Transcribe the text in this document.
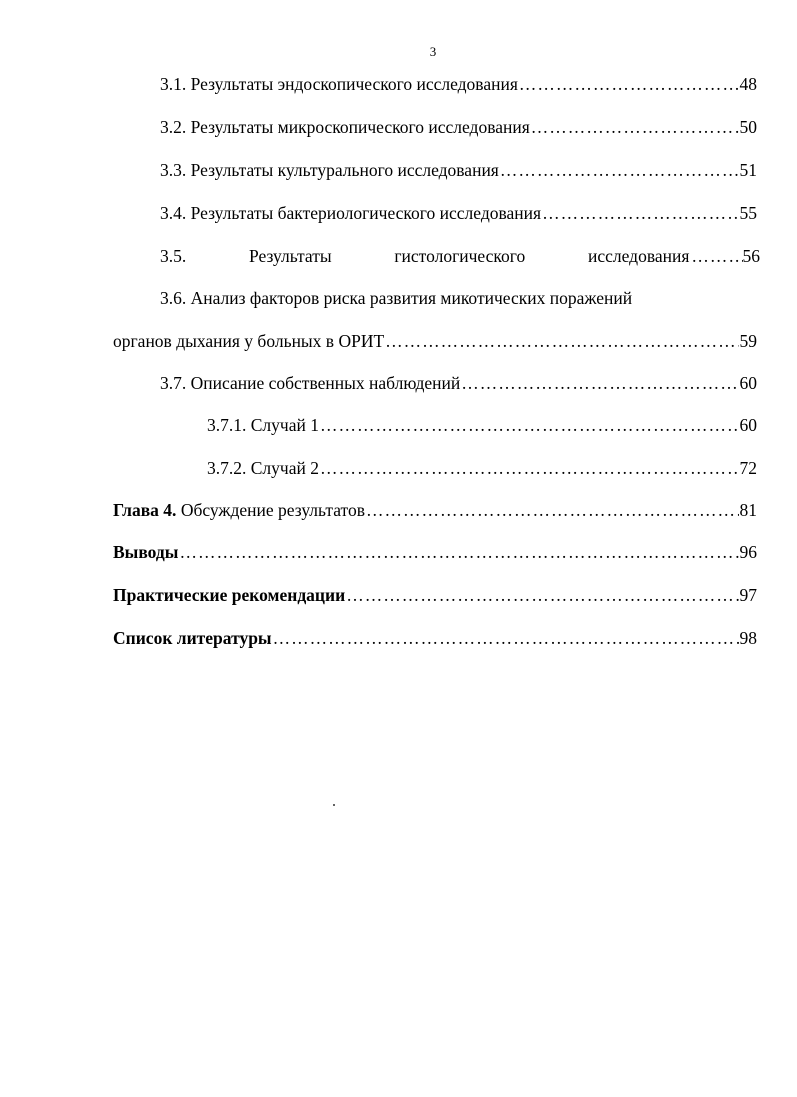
3
3.1. Результаты эндоскопического исследования …………………………………………………………………………………………………………………………………………………………	48
3.2. Результаты микроскопического исследования …………………………………………………………………………………………………………………………………………………………	50
3.3. Результаты культурального исследования …………………………………………………………………………………………………………………………………………………………	51
3.4. Результаты бактериологического исследования …………………………………………………………………………………………………………………………………………………………	55
3.5.	Результаты	гистологического	исследования …………………………………………………………………………………	56
3.6. Анализ факторов риска развития микотических поражений
органов дыхания у больных в ОРИТ …………………………………………………………………………………………………………………………………………………………	59
3.7. Описание собственных наблюдений …………………………………………………………………………………………………………………………………………………………	60
3.7.1. Случай 1 …………………………………………………………………………………………………………………………………………………………	60
3.7.2. Случай 2 …………………………………………………………………………………………………………………………………………………………	72
Глава 4. Обсуждение результатов …………………………………………………………………………………………………………………………………………………………	81
Выводы …………………………………………………………………………………………………………………………………………………………	96
Практические рекомендации …………………………………………………………………………………………………………………………………………………………	97
Список литературы …………………………………………………………………………………………………………………………………………………………	98
